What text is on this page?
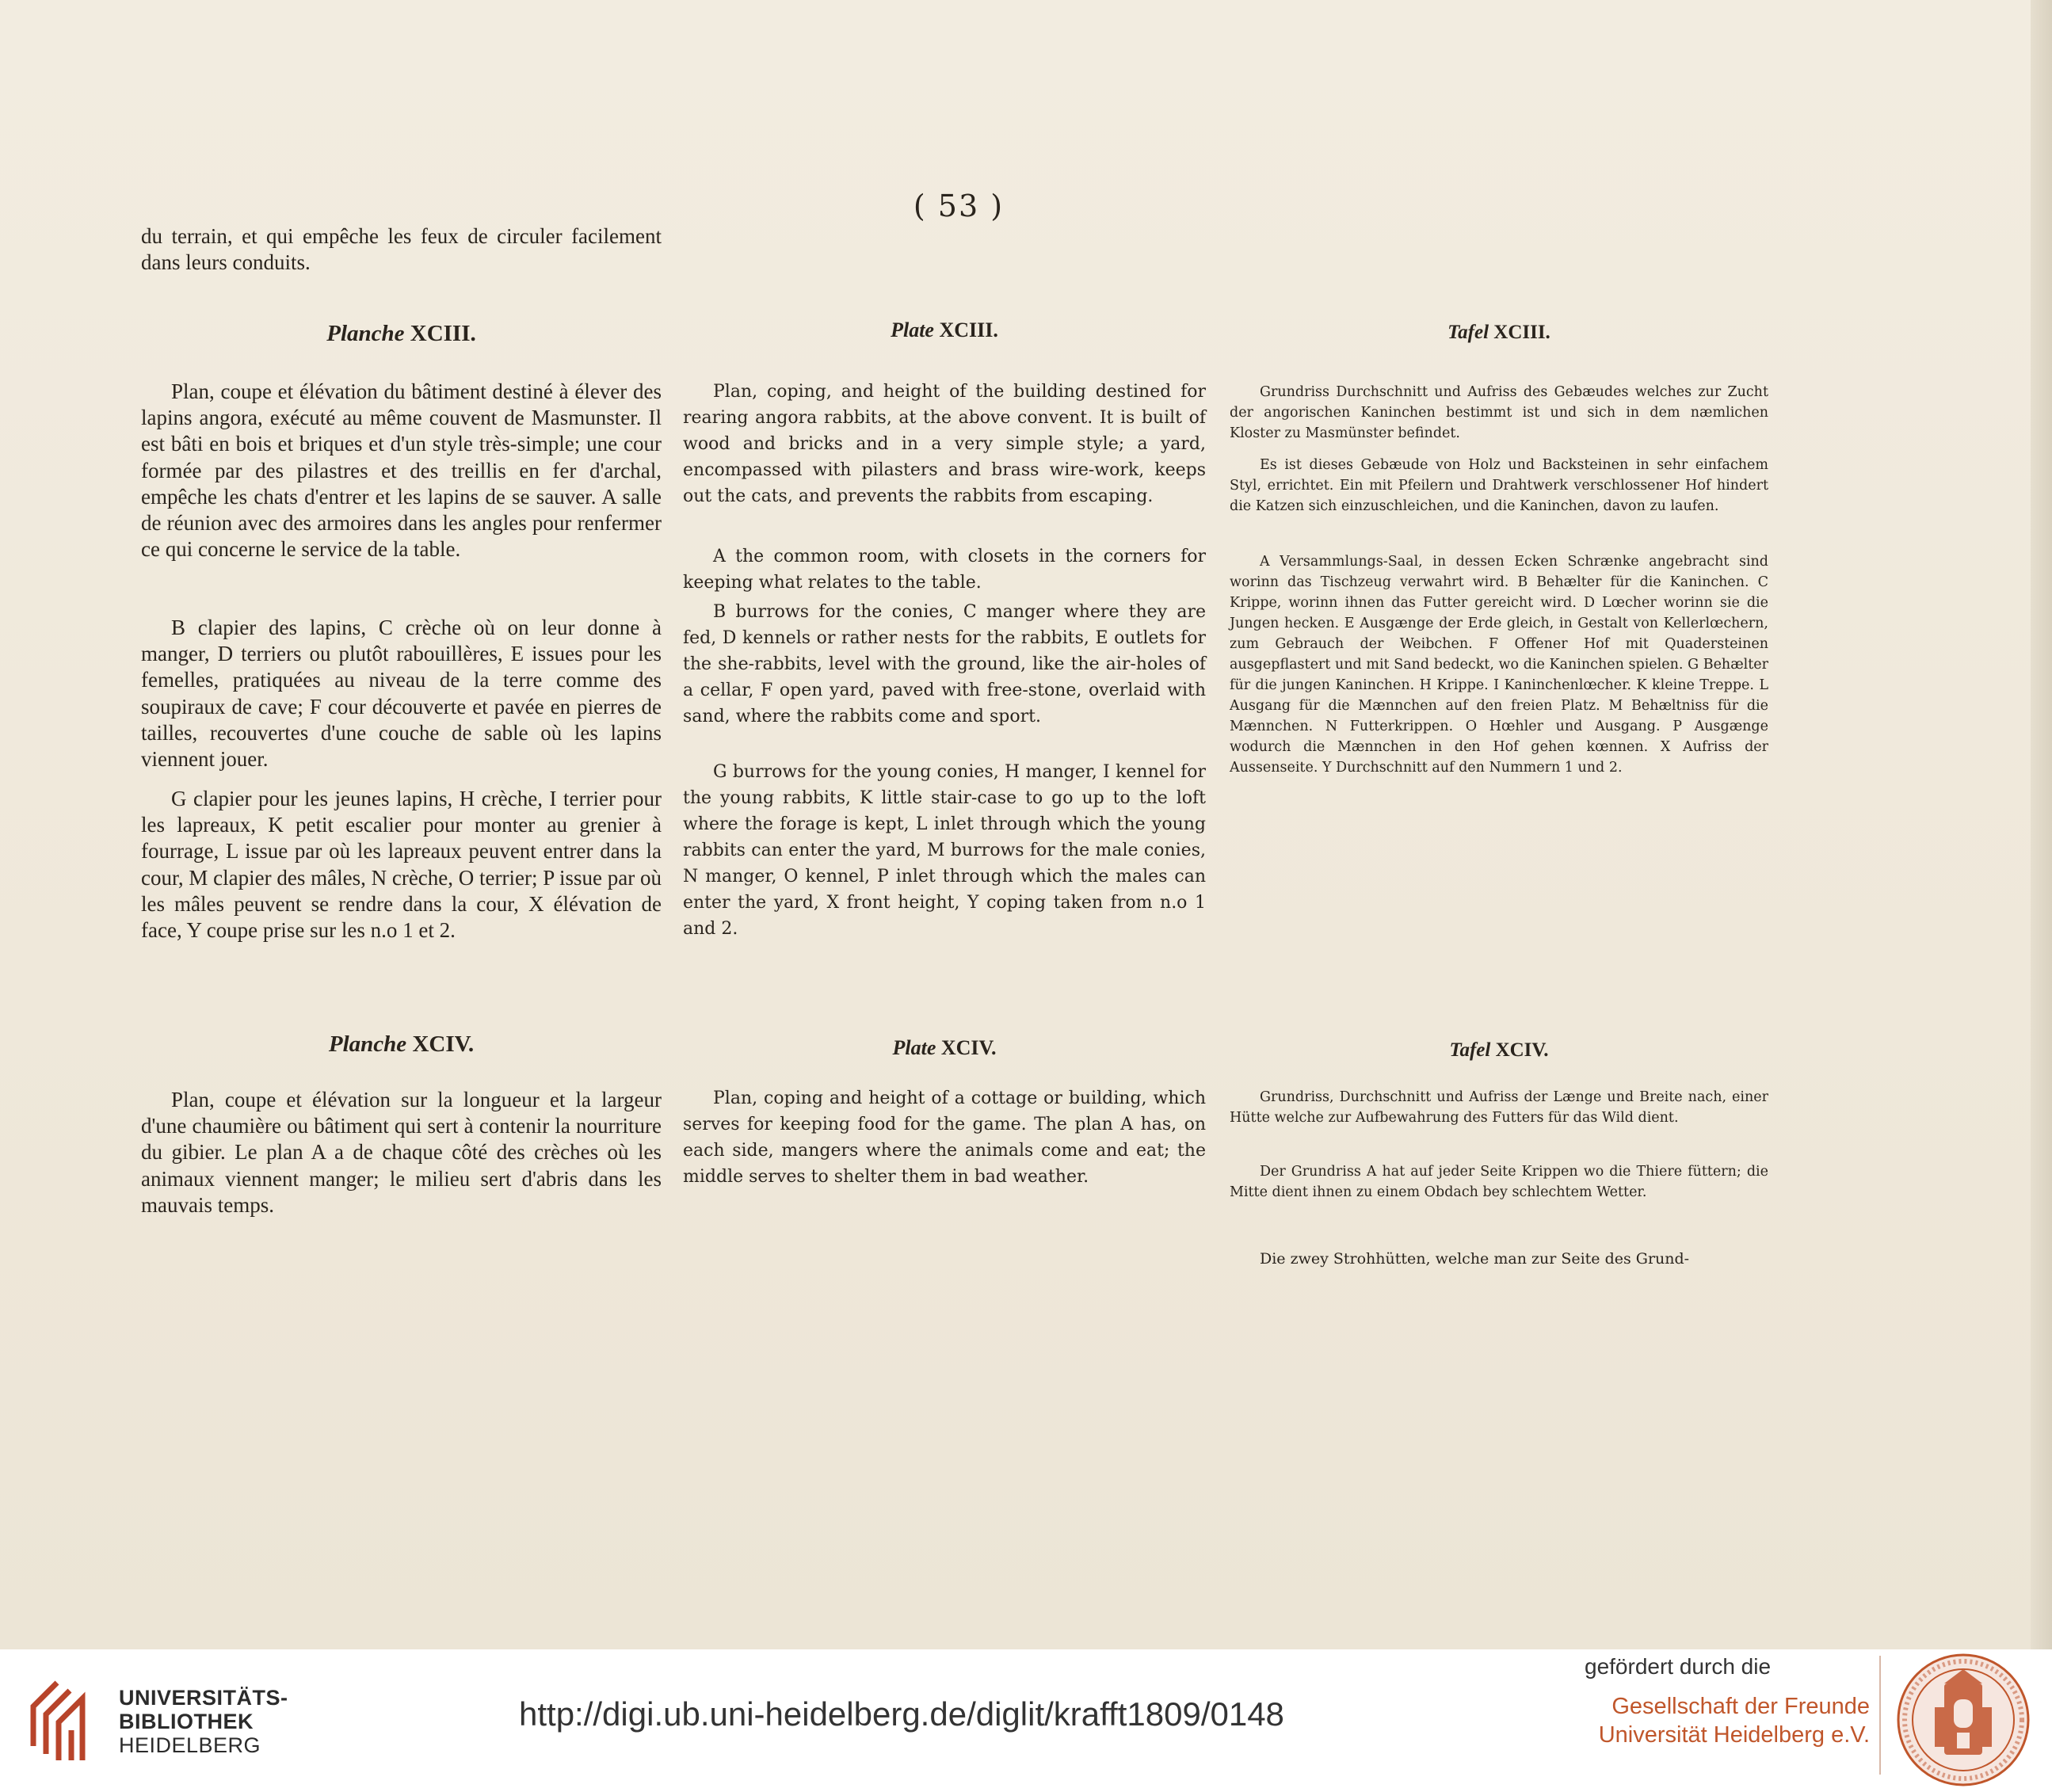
( 53 )

du terrain, et qui empêche les feux de circuler facilement dans leurs conduits.

Planche XCIII.

Plan, coupe et élévation du bâtiment destiné à élever des lapins angora, exécuté au même couvent de Masmunster. Il est bâti en bois et briques et d'un style très-simple; une cour formée par des pilastres et des treillis en fer d'archal, empêche les chats d'entrer et les lapins de se sauver. A salle de réunion avec des armoires dans les angles pour renfermer ce qui concerne le service de la table.

B clapier des lapins, C crèche où on leur donne à manger, D terriers ou plutôt rabouillères, E issues pour les femelles, pratiquées au niveau de la terre comme des soupiraux de cave; F cour découverte et pavée en pierres de tailles, recouvertes d'une couche de sable où les lapins viennent jouer.

G clapier pour les jeunes lapins, H crèche, I terrier pour les lapreaux, K petit escalier pour monter au grenier à fourrage, L issue par où les lapreaux peuvent entrer dans la cour, M clapier des mâles, N crèche, O terrier; P issue par où les mâles peuvent se rendre dans la cour, X élévation de face, Y coupe prise sur les n.o 1 et 2.

Planche XCIV.

Plan, coupe et élévation sur la longueur et la largeur d'une chaumière ou bâtiment qui sert à contenir la nourriture du gibier. Le plan A a de chaque côté des crèches où les animaux viennent manger; le milieu sert d'abris dans les mauvais temps.

Plate XCIII.

Plan, coping, and height of the building destined for rearing angora rabbits, at the above convent. It is built of wood and bricks and in a very simple style; a yard, encompassed with pilasters and brass wire-work, keeps out the cats, and prevents the rabbits from escaping.

A the common room, with closets in the corners for keeping what relates to the table.

B burrows for the conies, C manger where they are fed, D kennels or rather nests for the rabbits, E outlets for the she-rabbits, level with the ground, like the air-holes of a cellar, F open yard, paved with free-stone, overlaid with sand, where the rabbits come and sport.

G burrows for the young conies, H manger, I kennel for the young rabbits, K little stair-case to go up to the loft where the forage is kept, L inlet through which the young rabbits can enter the yard, M burrows for the male conies, N manger, O kennel, P inlet through which the males can enter the yard, X front height, Y coping taken from n.o 1 and 2.

Plate XCIV.

Plan, coping and height of a cottage or building, which serves for keeping food for the game. The plan A has, on each side, mangers where the animals come and eat; the middle serves to shelter them in bad weather.

Tafel XCIII.

Grundriss Durchschnitt und Aufriss des Gebæudes welches zur Zucht der angorischen Kaninchen bestimmt ist und sich in dem næmlichen Kloster zu Masmünster befindet.

Es ist dieses Gebæude von Holz und Backsteinen in sehr einfachem Styl, errichtet. Ein mit Pfeilern und Drahtwerk verschlossener Hof hindert die Katzen sich einzuschleichen, und die Kaninchen, davon zu laufen.

A Versammlungs-Saal, in dessen Ecken Schrænke angebracht sind worinn das Tischzeug verwahrt wird. B Behælter für die Kaninchen. C Krippe, worinn ihnen das Futter gereicht wird. D Lœcher worinn sie die Jungen hecken. E Ausgænge der Erde gleich, in Gestalt von Kellerlœchern, zum Gebrauch der Weibchen. F Offener Hof mit Quadersteinen ausgepflastert und mit Sand bedeckt, wo die Kaninchen spielen. G Behælter für die jungen Kaninchen. H Krippe. I Kaninchenlœcher. K kleine Treppe. L Ausgang für die Mænnchen auf den freien Platz. M Behæltniss für die Mænnchen. N Futterkrippen. O Hœhler und Ausgang. P Ausgænge wodurch die Mænnchen in den Hof gehen kœnnen. X Aufriss der Aussenseite. Y Durchschnitt auf den Nummern 1 und 2.

Tafel XCIV.

Grundriss, Durchschnitt und Aufriss der Længe und Breite nach, einer Hütte welche zur Aufbewahrung des Futters für das Wild dient.

Der Grundriss A hat auf jeder Seite Krippen wo die Thiere füttern; die Mitte dient ihnen zu einem Obdach bey schlechtem Wetter.

Die zwey Strohhütten, welche man zur Seite des Grund-

UNIVERSITÄTS-
BIBLIOTHEK
HEIDELBERG
http://digi.ub.uni-heidelberg.de/diglit/krafft1809/0148
gefördert durch die
Gesellschaft der Freunde
Universität Heidelberg e.V.
